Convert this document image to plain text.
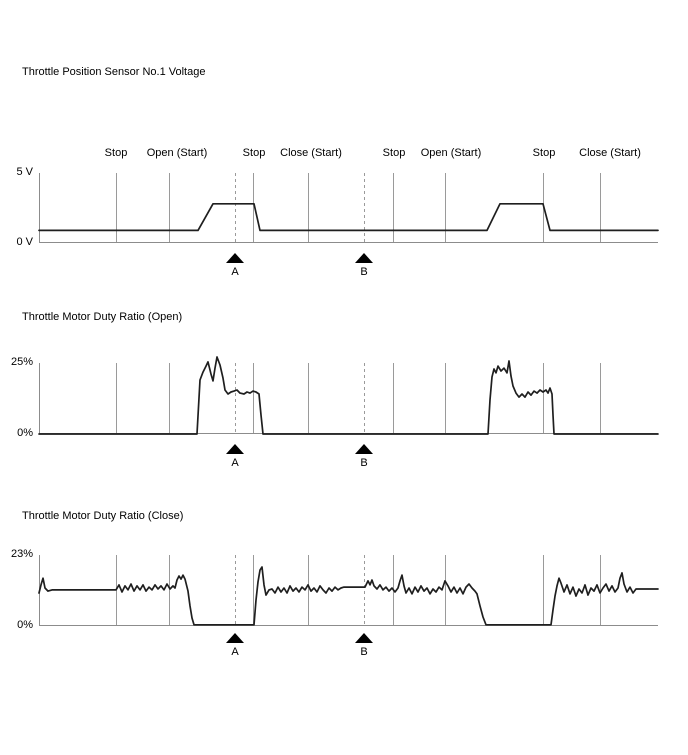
Throttle Position Sensor No.1 Voltage
5 V
0 V
Throttle Motor Duty Ratio (Open)
25%
0%
Throttle Motor Duty Ratio (Close)
23%
0%
A	B
A	B
A	B
Stop Open (Start)	Stop Close (Start)	Stop Open (Start)	Stop Close (Start)
